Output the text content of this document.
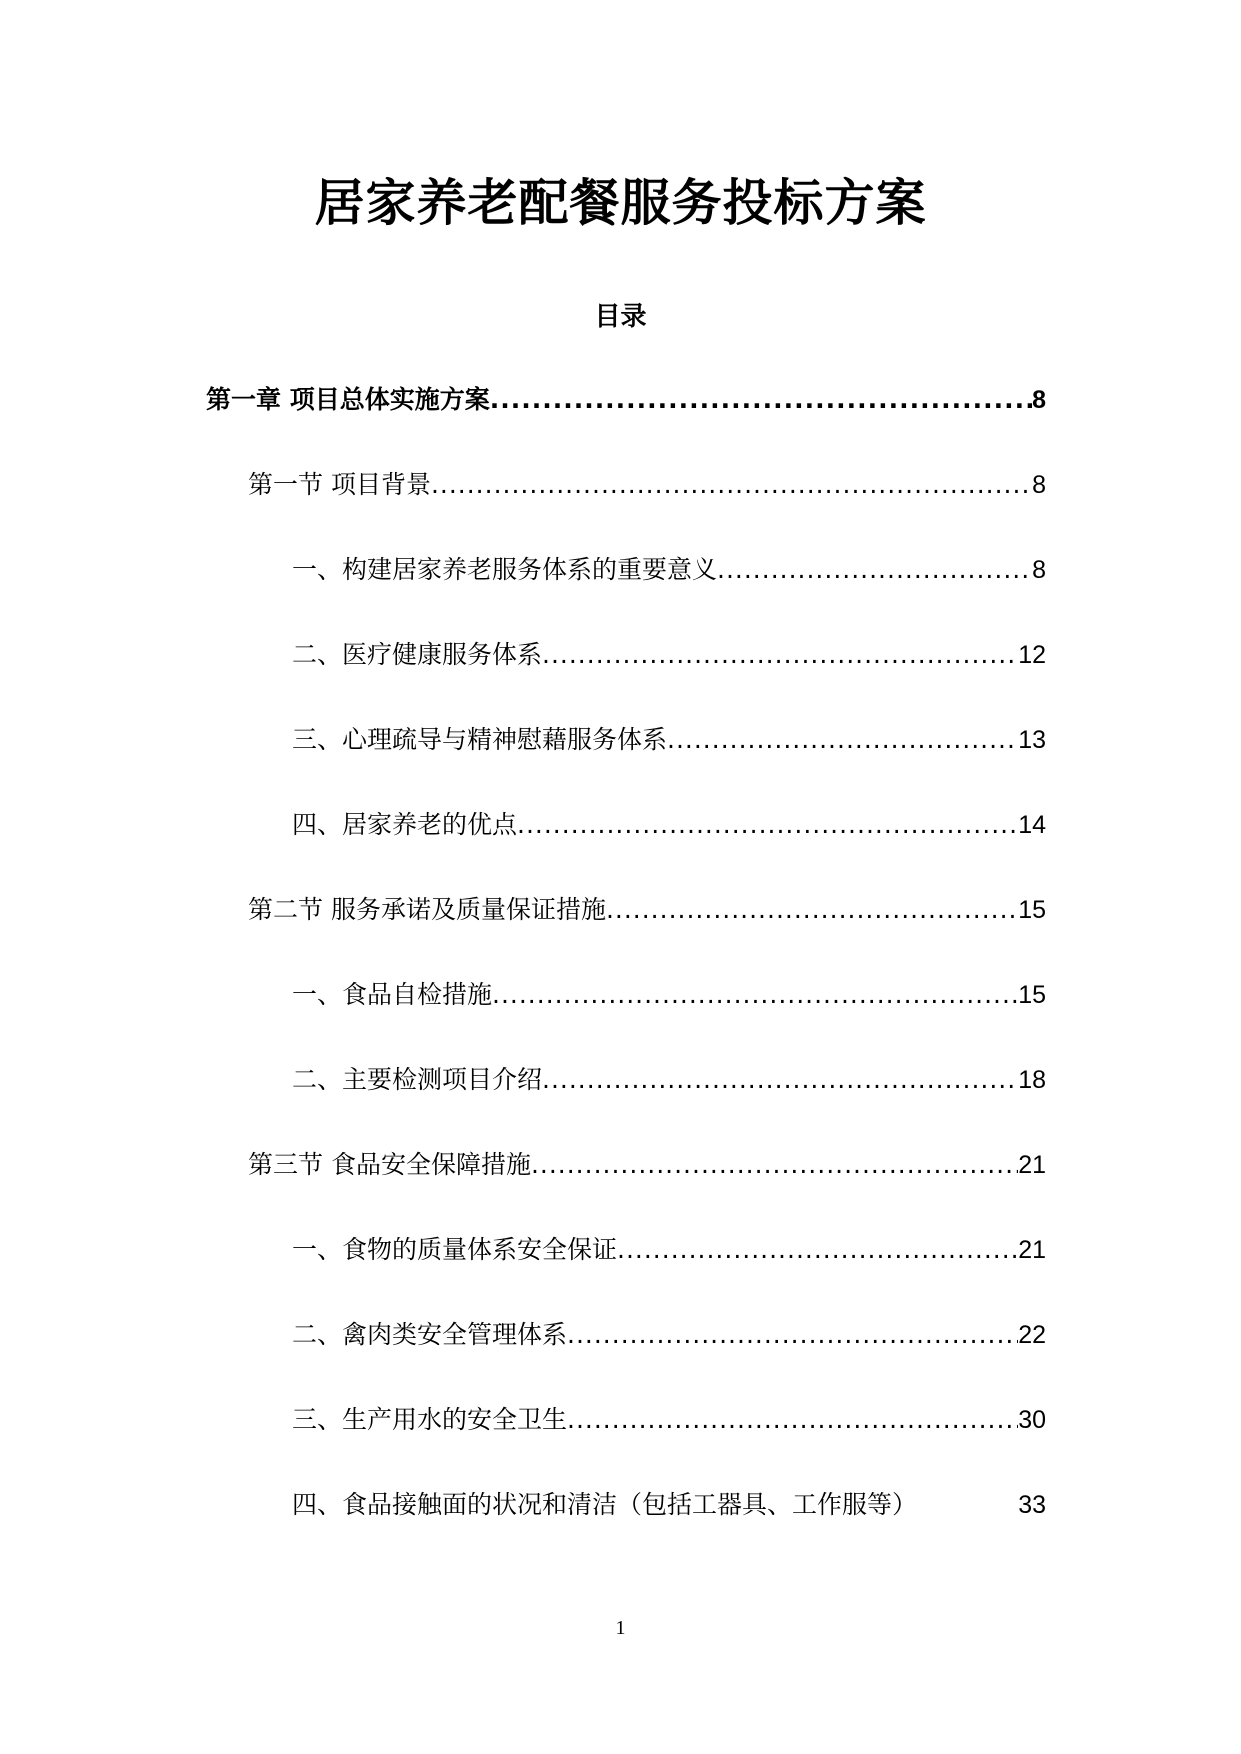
居家养老配餐服务投标方案
目录
第一章 项目总体实施方案 .....	8
第一节 项目背景 .....	8
一、构建居家养老服务体系的重要意义 .....	8
二、医疗健康服务体系 .....	12
三、心理疏导与精神慰藉服务体系 .....	13
四、居家养老的优点 .....	14
第二节 服务承诺及质量保证措施 .....	15
一、食品自检措施 .....	15
二、主要检测项目介绍 .....	18
第三节 食品安全保障措施 .....	21
一、食物的质量体系安全保证 .....	21
二、禽肉类安全管理体系 .....	22
三、生产用水的安全卫生 .....	30
四、食品接触面的状况和清洁（包括工器具、工作服等）	33
1
